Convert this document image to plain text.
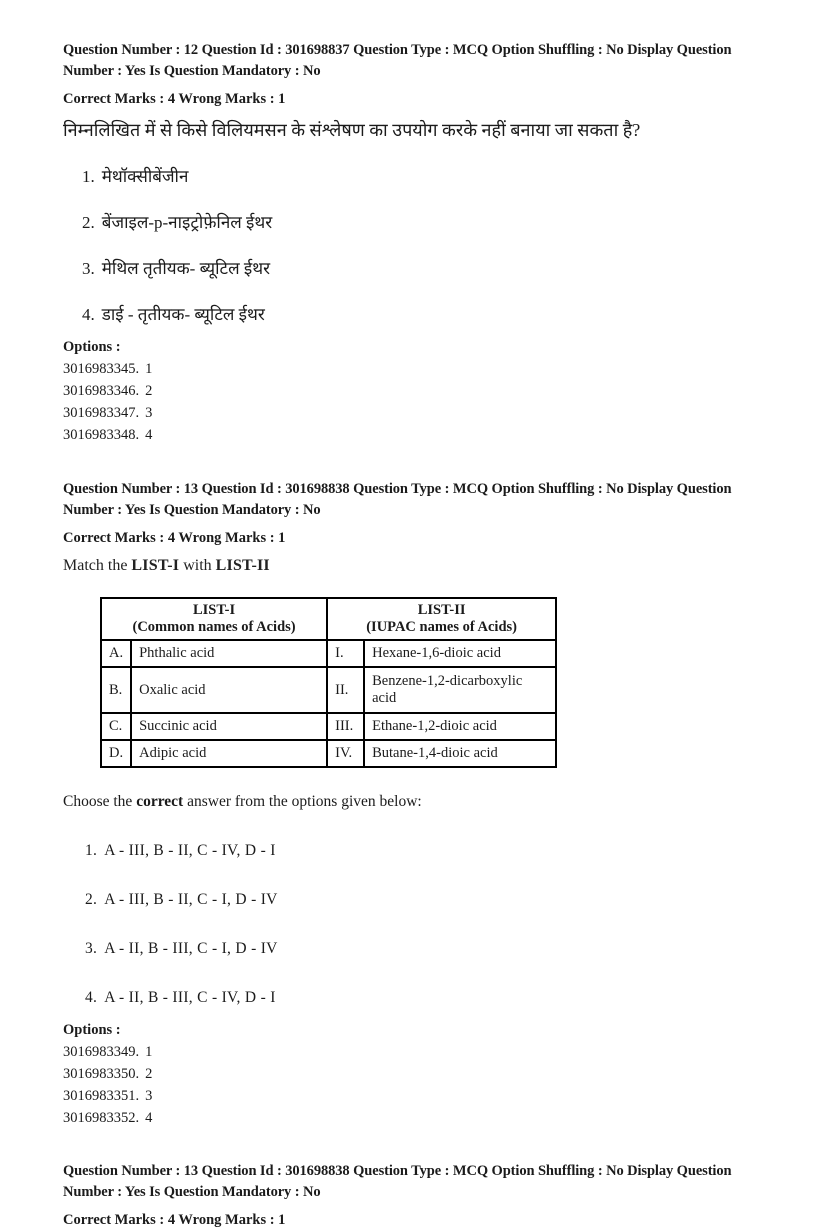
Question Number : 12 Question Id : 301698837 Question Type : MCQ Option Shuffling : No Display Question Number : Yes Is Question Mandatory : No
Correct Marks : 4 Wrong Marks : 1
निम्नलिखित में से किसे विलियमसन के संश्लेषण का उपयोग करके नहीं बनाया जा सकता है?
1. मेथॉक्सीबेंजीन
2. बेंजाइल-p-नाइट्रोफ़ेनिल ईथर
3. मेथिल तृतीयक- ब्यूटिल ईथर
4. डाई - तृतीयक- ब्यूटिल ईथर
Options :
3016983345. 1
3016983346. 2
3016983347. 3
3016983348. 4
Question Number : 13 Question Id : 301698838 Question Type : MCQ Option Shuffling : No Display Question Number : Yes Is Question Mandatory : No
Correct Marks : 4 Wrong Marks : 1
Match the LIST-I with LIST-II
LIST-I
(Common names of Acids)

LIST-II
(IUPAC names of Acids)

A.	Phthalic acid	I.	Hexane-1,6-dioic acid
B.	Oxalic acid	II.	Benzene-1,2-dicarboxylic acid
C.	Succinic acid	III.	Ethane-1,2-dioic acid
D.	Adipic acid	IV.	Butane-1,4-dioic acid
Choose the correct answer from the options given below:
1. A - III, B - II, C - IV, D - I
2. A - III, B - II, C - I, D - IV
3. A - II, B - III, C - I, D - IV
4. A - II, B - III, C - IV, D - I
Options :
3016983349. 1
3016983350. 2
3016983351. 3
3016983352. 4
Question Number : 13 Question Id : 301698838 Question Type : MCQ Option Shuffling : No Display Question Number : Yes Is Question Mandatory : No
Correct Marks : 4 Wrong Marks : 1
